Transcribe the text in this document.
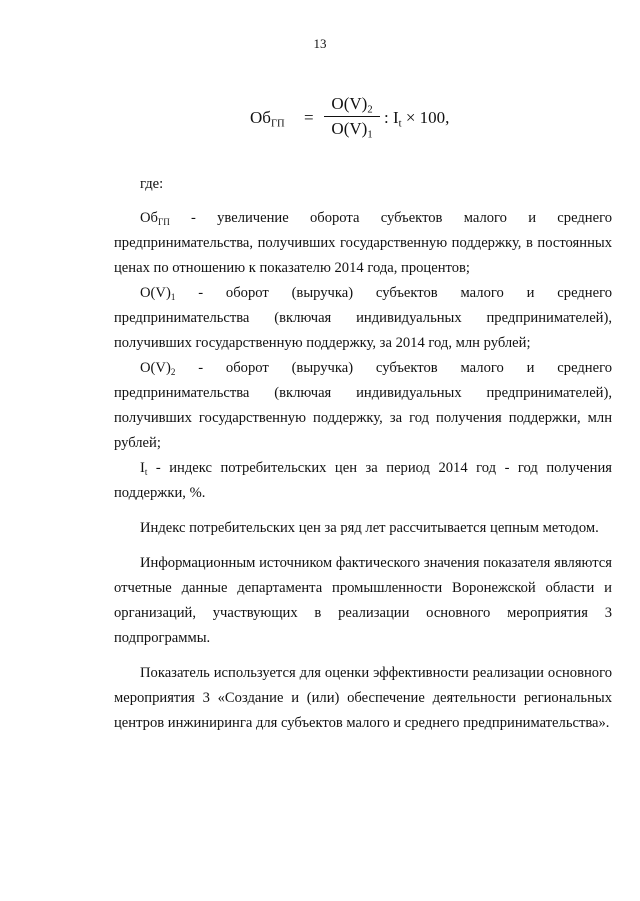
13
$Об_{ГП} = \frac{O(V)_2}{O(V)_1}$ : $I_t \times 100$,

где:

$Об_{ГП}$ - увеличение оборота субъектов малого и среднего предпринимательства, получивших государственную поддержку, в постоянных ценах по отношению к показателю 2014 года, процентов;

$O(V)_1$ - оборот (выручка) субъектов малого и среднего предпринимательства (включая индивидуальных предпринимателей), получивших государственную поддержку, за 2014 год, млн рублей;

$O(V)_2$ - оборот (выручка) субъектов малого и среднего предпринимательства (включая индивидуальных предпринимателей), получивших государственную поддержку, за год получения поддержки, млн рублей;

$I_t$ - индекс потребительских цен за период 2014 год - год получения поддержки, %.

Индекс потребительских цен за ряд лет рассчитывается цепным методом.

Информационным источником фактического значения показателя являются отчетные данные департамента промышленности Воронежской области и организаций, участвующих в реализации основного мероприятия 3 подпрограммы.

Показатель используется для оценки эффективности реализации основного мероприятия 3 «Создание и (или) обеспечение деятельности региональных центров инжиниринга для субъектов малого и среднего предпринимательства».
